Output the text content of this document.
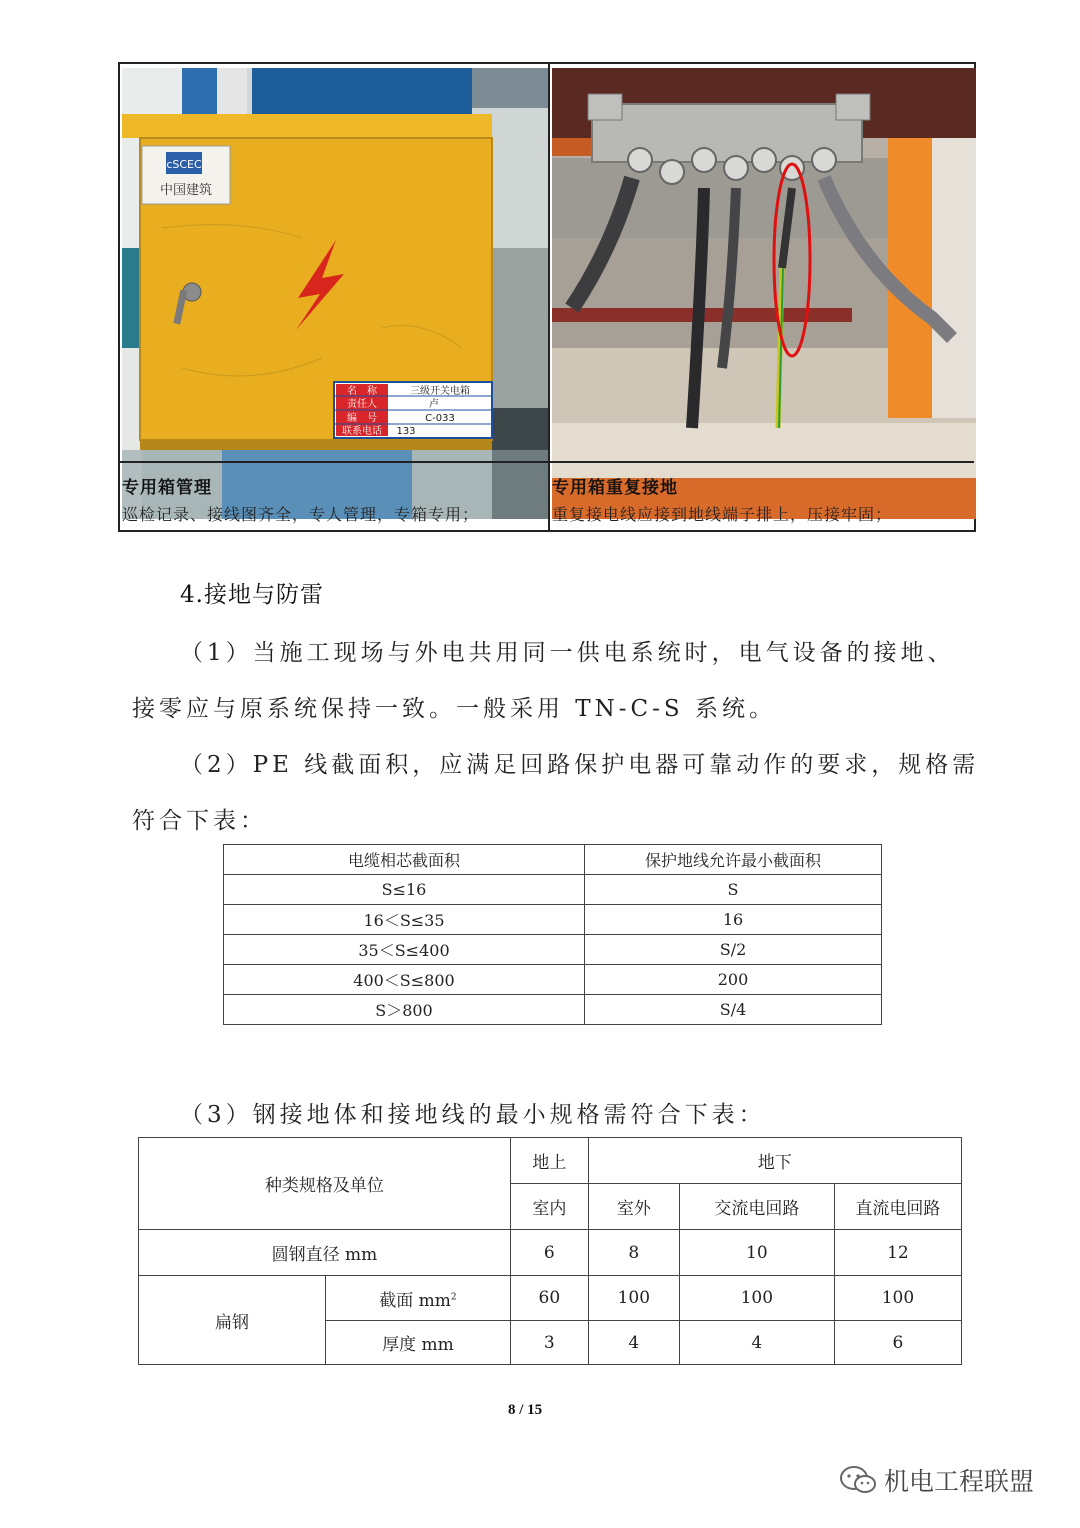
cSCEC
中国建筑
名　称	三级开关电箱
责任人	卢
编　号	C-033
联系电话 133
专用箱管理
巡检记录、接线图齐全，专人管理，专箱专用；
专用箱重复接地
重复接电线应接到地线端子排上，压接牢固；
4.接地与防雷
（1）当施工现场与外电共用同一供电系统时，电气设备的接地、
接零应与原系统保持一致。一般采用 TN-C-S 系统。
（2）PE 线截面积，应满足回路保护电器可靠动作的要求，规格需
符合下表：
电缆相芯截面积	保护地线允许最小截面积
S≤16	S
16＜S≤35	16
35＜S≤400	S/2
400＜S≤800	200
S＞800	S/4
（3）钢接地体和接地线的最小规格需符合下表：
种类规格及单位		地上	地下		
		室内	室外	交流电回路	直流电回路
圆钢直径 mm		6	8	10	12
扁钢	截面 $mm^2$	60	100	100	100
	厚度 mm	3	4	4	6
8 / 15
机电工程联盟
